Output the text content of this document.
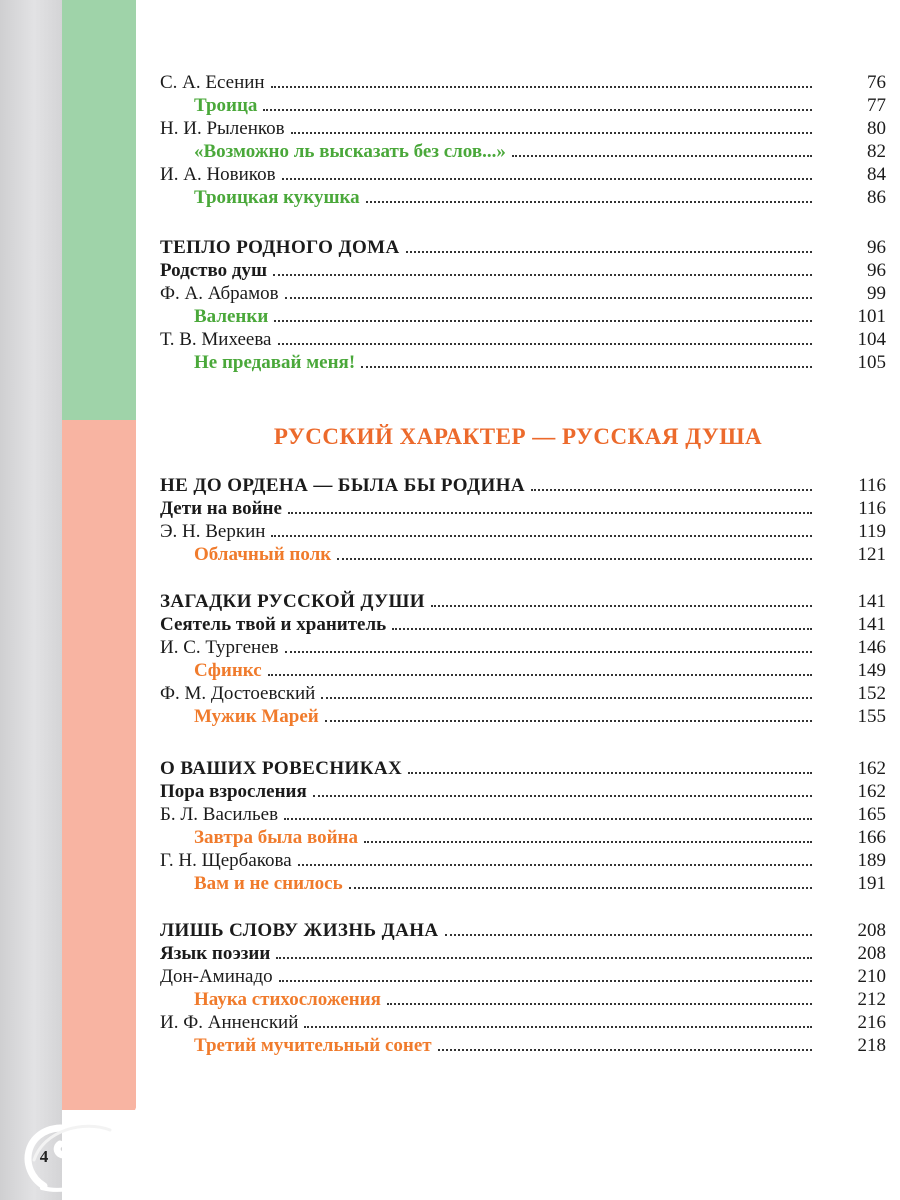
4
РУССКИЙ ХАРАКТЕР — РУССКАЯ ДУША
С. А. Есенин	76
Троица	77
Н. И. Рыленков	80
«Возможно ль высказать без слов...»	82
И. А. Новиков	84
Троицкая кукушка	86
ТЕПЛО РОДНОГО ДОМА	96
Родство душ	96
Ф. А. Абрамов	99
Валенки	101
Т. В. Михеева	104
Не предавай меня!	105
НЕ ДО ОРДЕНА — БЫЛА БЫ РОДИНА	116
Дети на войне	116
Э. Н. Веркин	119
Облачный полк	121
ЗАГАДКИ РУССКОЙ ДУШИ	141
Сеятель твой и хранитель	141
И. С. Тургенев	146
Сфинкс	149
Ф. М. Достоевский	152
Мужик Марей	155
О ВАШИХ РОВЕСНИКАХ	162
Пора взросления	162
Б. Л. Васильев	165
Завтра была война	166
Г. Н. Щербакова	189
Вам и не снилось	191
ЛИШЬ СЛОВУ ЖИЗНЬ ДАНА	208
Язык поэзии	208
Дон-Аминадо	210
Наука стихосложения	212
И. Ф. Анненский	216
Третий мучительный сонет	218
